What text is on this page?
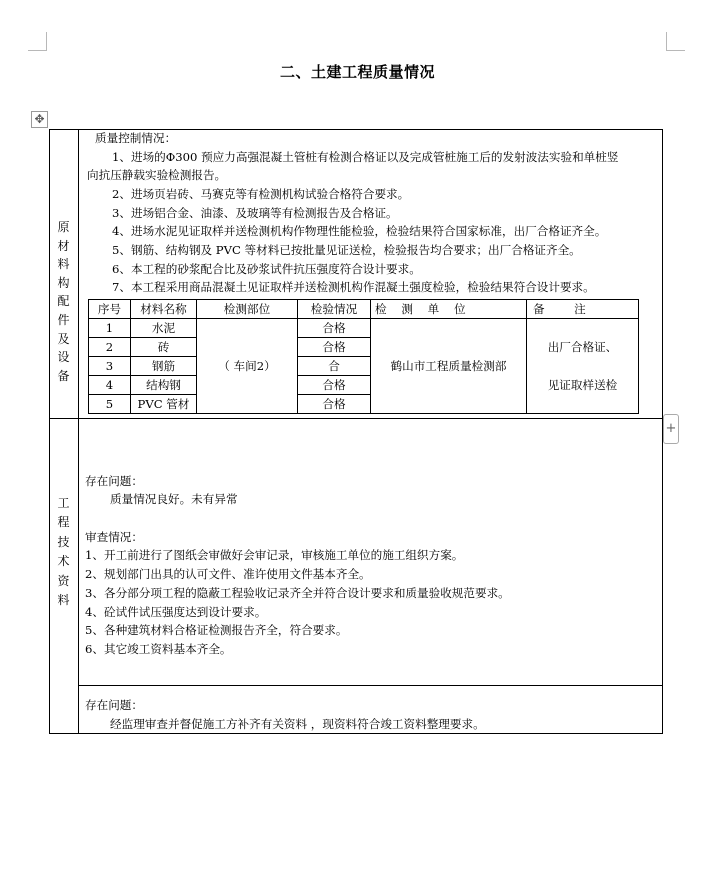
二、土建工程质量情况
✥
+
原
材
料
构
配
件
及
设
备
质量控制情况：
1、进场的Φ300 预应力高强混凝土管桩有检测合格证以及完成管桩施工后的发射波法实验和单桩竖
向抗压静载实验检测报告。
2、进场页岩砖、马赛克等有检测机构试验合格符合要求。
3、进场铝合金、油漆、及玻璃等有检测报告及合格证。
4、进场水泥见证取样并送检测机构作物理性能检验，检验结果符合国家标准，出厂合格证齐全。
5、钢筋、结构钢及 PVC 等材料已按批量见证送检，检验报告均合要求；出厂合格证齐全。
6、本工程的砂浆配合比及砂浆试件抗压强度符合设计要求。
7、本工程采用商品混凝土见证取样并送检测机构作混凝土强度检验，检验结果符合设计要求。
序号	材料名称	检测部位	检验情况	检    测    单    位	备        注
1	水泥	（ 车间2）	合格	鹤山市工程质量检测部	出厂合格证、
见证取样送检

2	砖		合格		
3	钢筋		合		
4	结构钢		合格		
5	PVC 管材		合格		
工
程
技
术
资
料
存在问题：
质量情况良好。未有异常
审查情况：
1、开工前进行了图纸会审做好会审记录，审核施工单位的施工组织方案。
2、规划部门出具的认可文件、准许使用文件基本齐全。
3、各分部分项工程的隐蔽工程验收记录齐全并符合设计要求和质量验收规范要求。
4、砼试件试压强度达到设计要求。
5、各种建筑材料合格证检测报告齐全，符合要求。
6、其它竣工资料基本齐全。
存在问题：
经监理审查并督促施工方补齐有关资料 ，现资料符合竣工资料整理要求。
